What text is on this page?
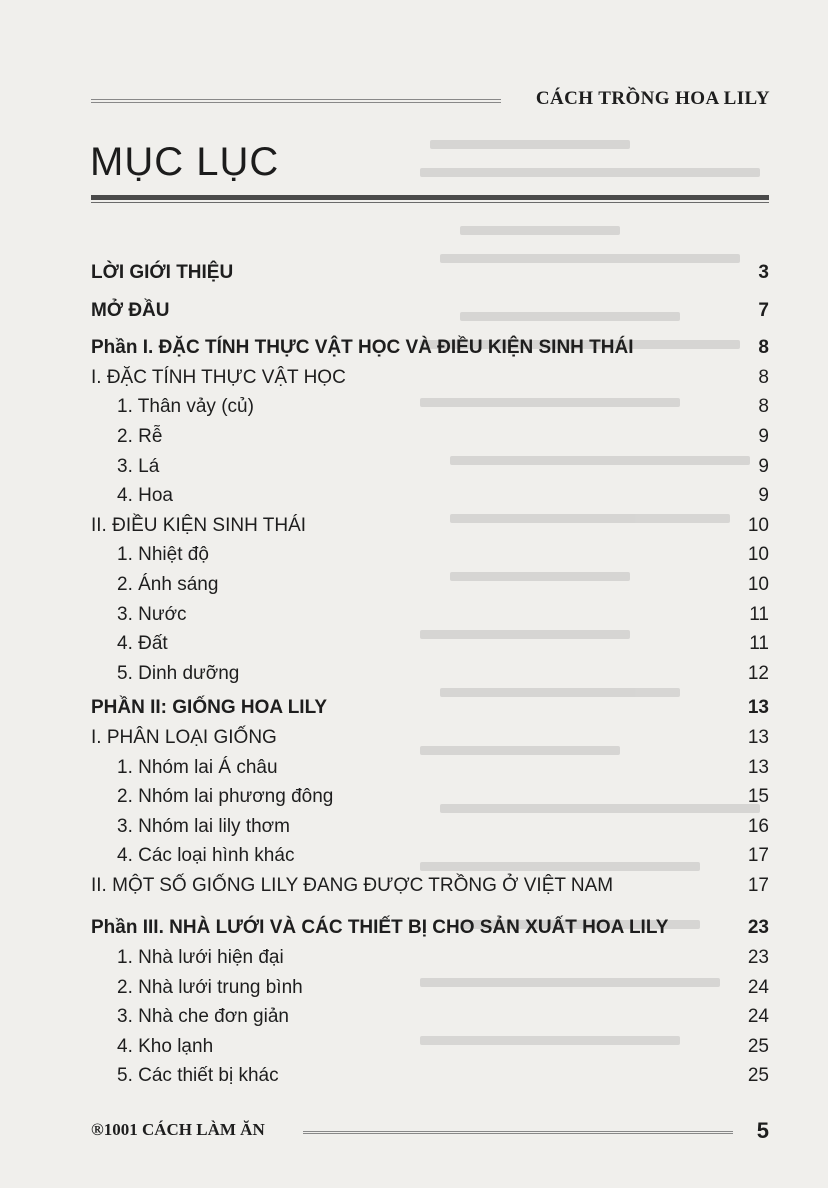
CÁCH TRỒNG HOA LILY
MỤC LỤC
LỜI GIỚI THIỆU	3
MỞ ĐẦU	7
Phần I. ĐẶC TÍNH THỰC VẬT HỌC VÀ ĐIỀU KIỆN SINH THÁI	8
I. ĐẶC TÍNH THỰC VẬT HỌC	8
1. Thân vảy (củ)	8
2. Rễ	9
3. Lá	9
4. Hoa	9
II. ĐIỀU KIỆN SINH THÁI	10
1. Nhiệt độ	10
2. Ánh sáng	10
3. Nước	11
4. Đất	11
5. Dinh dưỡng	12
PHẦN II: GIỐNG HOA LILY	13
I. PHÂN LOẠI GIỐNG	13
1. Nhóm lai Á châu	13
2. Nhóm lai phương đông	15
3. Nhóm lai lily thơm	16
4. Các loại hình khác	17
II. MỘT SỐ GIỐNG LILY ĐANG ĐƯỢC TRỒNG Ở VIỆT NAM	17
Phần III. NHÀ LƯỚI VÀ CÁC THIẾT BỊ CHO SẢN XUẤT HOA LILY	23
1. Nhà lưới hiện đại	23
2. Nhà lưới trung bình	24
3. Nhà che đơn giản	24
4. Kho lạnh	25
5. Các thiết bị khác	25
®1001 CÁCH LÀM ĂN	5
